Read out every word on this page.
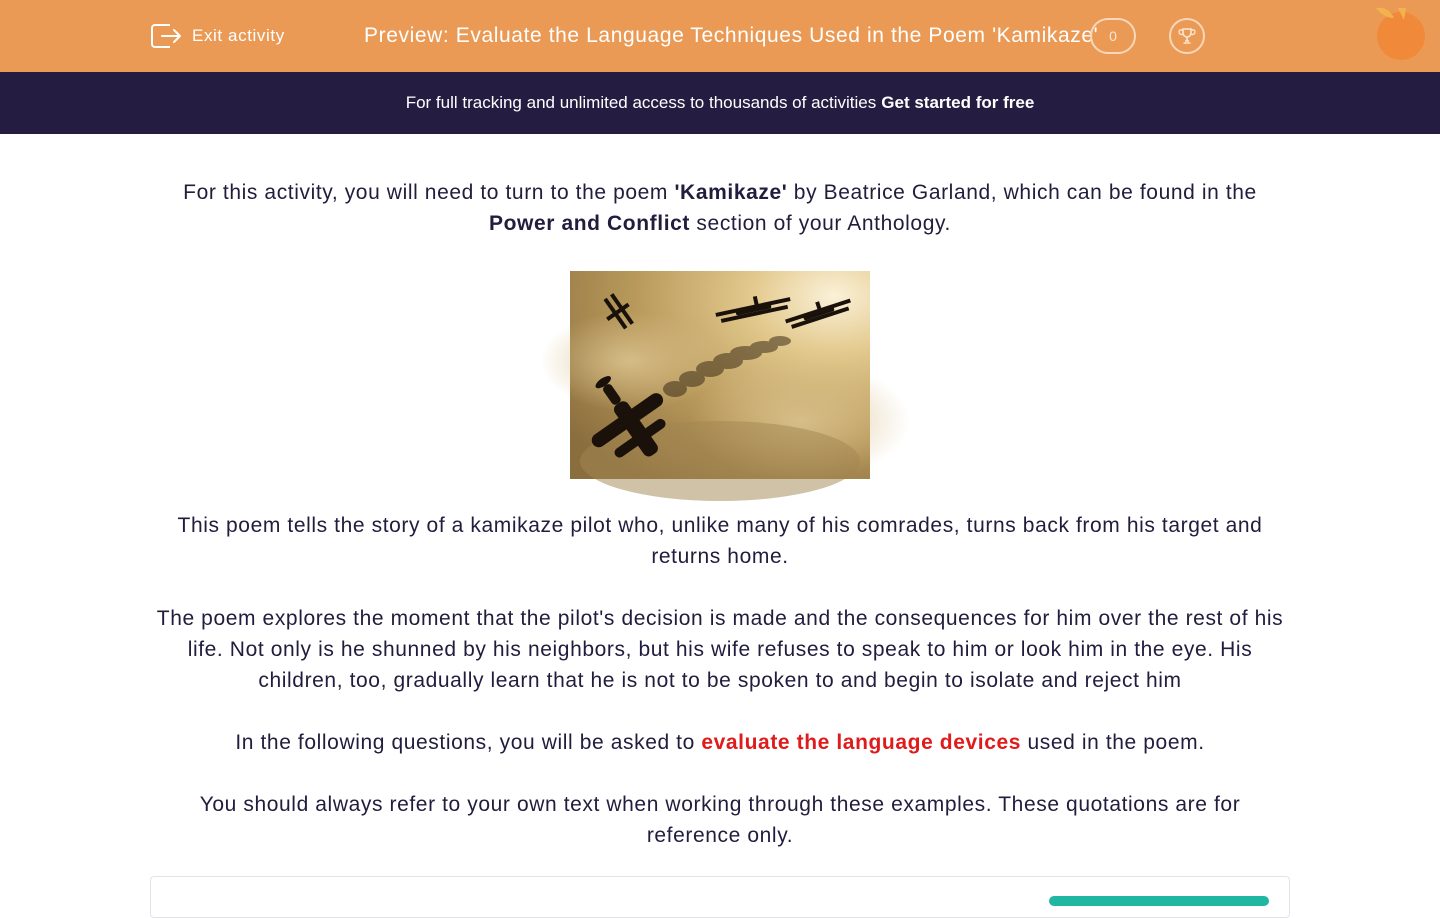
Exit activity	Preview: Evaluate the Language Techniques Used in the Poem 'Kamikaze' 0
For full tracking and unlimited access to thousands of activities Get started for free

For this activity, you will need to turn to the poem 'Kamikaze' by Beatrice Garland, which can be found in the Power and Conflict section of your Anthology.

This poem tells the story of a kamikaze pilot who, unlike many of his comrades, turns back from his target and returns home.

The poem explores the moment that the pilot's decision is made and the consequences for him over the rest of his life. Not only is he shunned by his neighbors, but his wife refuses to speak to him or look him in the eye. His children, too, gradually learn that he is not to be spoken to and begin to isolate and reject him

In the following questions, you will be asked to evaluate the language devices used in the poem.

You should always refer to your own text when working through these examples. These quotations are for reference only.
